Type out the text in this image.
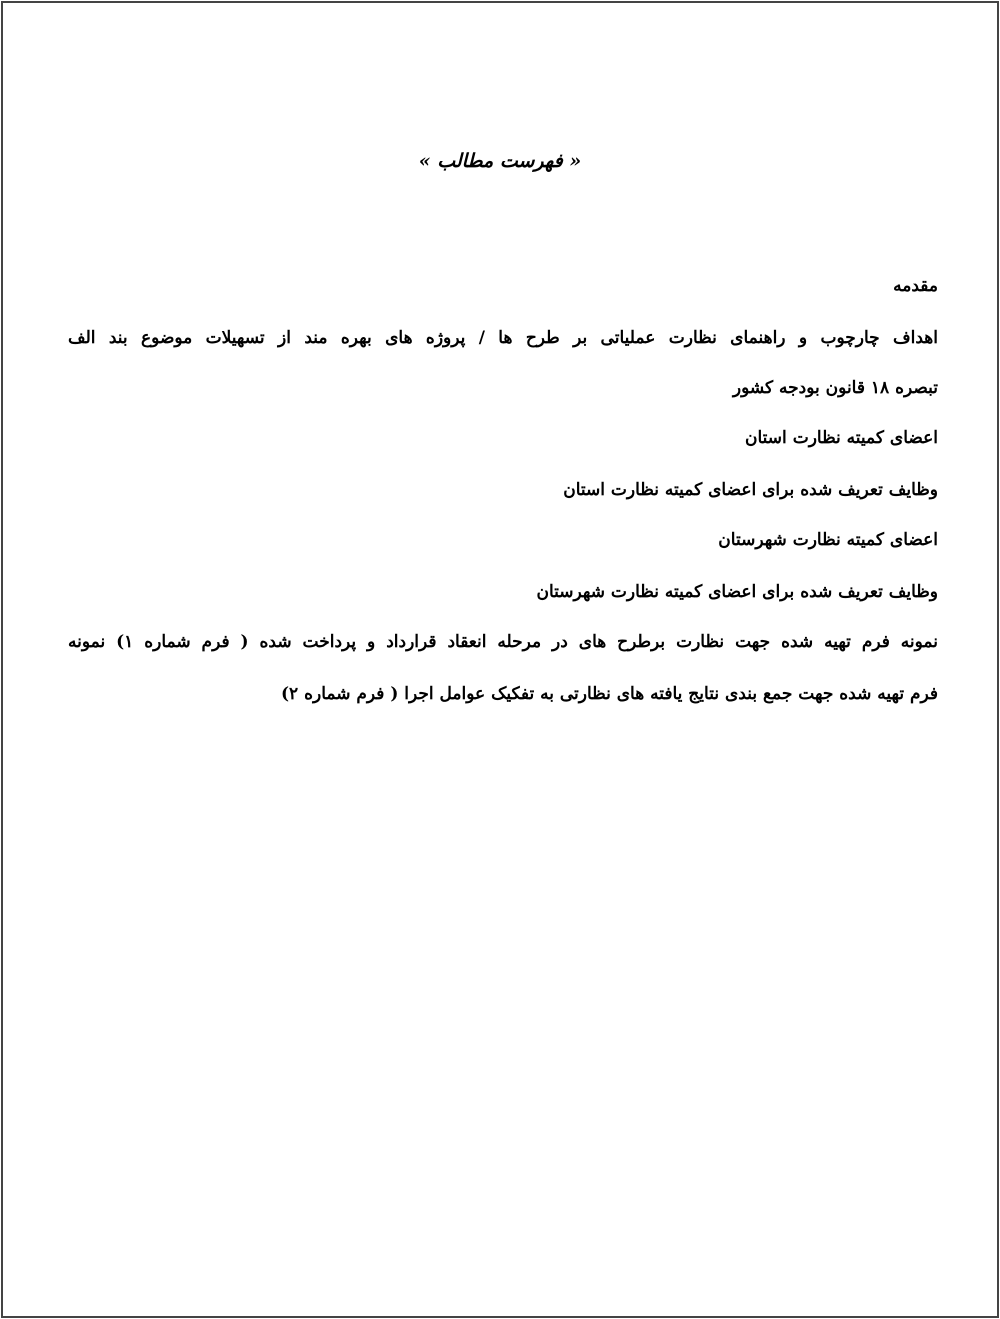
« فهرست مطالب »
مقدمه
اهداف چارچوب و راهنمای نظارت عملیاتی بر طرح ها / پروژه های بهره مند از تسهیلات موضوع بند الف
تبصره ۱۸ قانون بودجه کشور
اعضای کمیته نظارت استان
وظایف تعریف شده برای اعضای کمیته نظارت استان
اعضای کمیته نظارت شهرستان
وظایف تعریف شده برای اعضای کمیته نظارت شهرستان
نمونه فرم تهیه شده جهت نظارت برطرح های در مرحله انعقاد قرارداد و پرداخت شده ( فرم شماره ۱) نمونه
فرم تهیه شده جهت جمع بندی نتایج یافته های نظارتی به تفکیک عوامل اجرا ( فرم شماره ۲)
